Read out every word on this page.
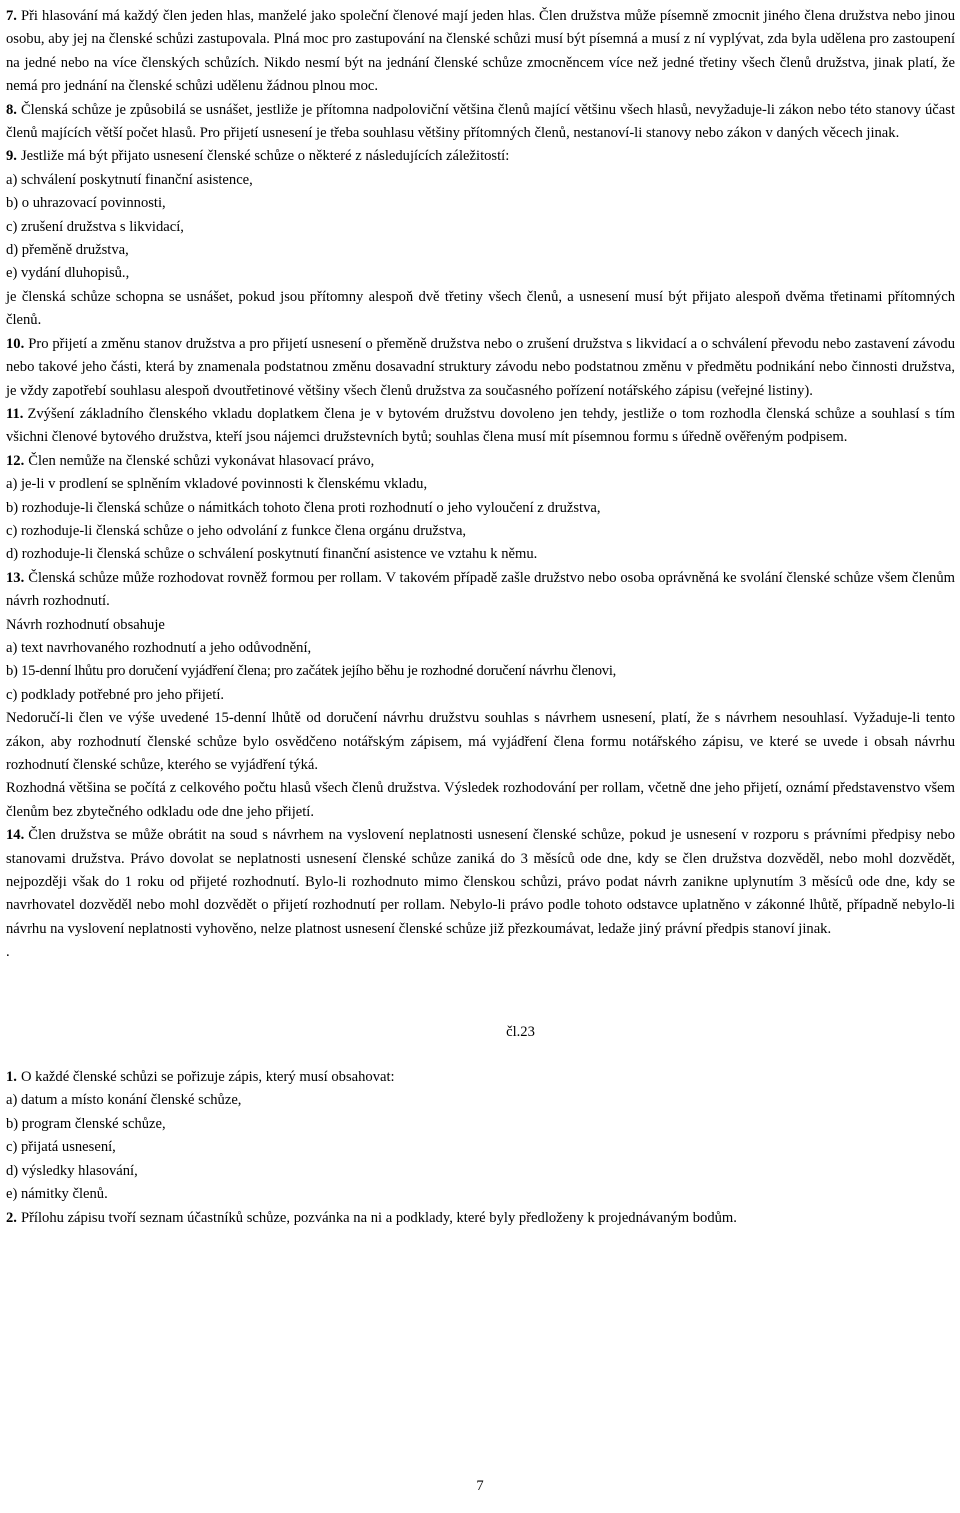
7. Při hlasování má každý člen jeden hlas, manželé jako společní členové mají jeden hlas. Člen družstva může písemně zmocnit jiného člena družstva nebo jinou osobu, aby jej na členské schůzi zastupovala. Plná moc pro zastupování na členské schůzi musí být písemná a musí z ní vyplývat, zda byla udělena pro zastoupení na jedné nebo na více členských schůzích. Nikdo nesmí být na jednání členské schůze zmocněncem více než jedné třetiny všech členů družstva, jinak platí, že nemá pro jednání na členské schůzi udělenu žádnou plnou moc.

8. Členská schůze je způsobilá se usnášet, jestliže je přítomna nadpoloviční většina členů mající většinu všech hlasů, nevyžaduje-li zákon nebo této stanovy účast členů majících větší počet hlasů. Pro přijetí usnesení je třeba souhlasu většiny přítomných členů, nestanoví-li stanovy nebo zákon v daných věcech jinak.

9. Jestliže má být přijato usnesení členské schůze o některé z následujících záležitostí:

a) schválení poskytnutí finanční asistence,

b) o uhrazovací povinnosti,

c) zrušení družstva s likvidací,

d) přeměně družstva,

e) vydání dluhopisů.,

je členská schůze schopna se usnášet, pokud jsou přítomny alespoň dvě třetiny všech členů, a usnesení musí být přijato alespoň dvěma třetinami přítomných členů.

10. Pro přijetí a změnu stanov družstva a pro přijetí usnesení o přeměně družstva nebo o zrušení družstva s likvidací a o schválení převodu nebo zastavení závodu nebo takové jeho části, která by znamenala podstatnou změnu dosavadní struktury závodu nebo podstatnou změnu v předmětu podnikání nebo činnosti družstva, je vždy zapotřebí souhlasu alespoň dvoutřetinové většiny všech členů družstva za současného pořízení notářského zápisu (veřejné listiny).

11. Zvýšení základního členského vkladu doplatkem člena je v bytovém družstvu dovoleno jen tehdy, jestliže o tom rozhodla členská schůze a souhlasí s tím všichni členové bytového družstva, kteří jsou nájemci družstevních bytů; souhlas člena musí mít písemnou formu s úředně ověřeným podpisem.

12. Člen nemůže na členské schůzi vykonávat hlasovací právo,

a) je-li v prodlení se splněním vkladové povinnosti k členskému vkladu,

b) rozhoduje-li členská schůze o námitkách tohoto člena proti rozhodnutí o jeho vyloučení z družstva,

c) rozhoduje-li členská schůze o jeho odvolání z funkce člena orgánu družstva,

d) rozhoduje-li členská schůze o schválení poskytnutí finanční asistence ve vztahu k němu.

13. Členská schůze může rozhodovat rovněž formou per rollam. V takovém případě zašle družstvo nebo osoba oprávněná ke svolání členské schůze všem členům návrh rozhodnutí.

Návrh rozhodnutí obsahuje

a) text navrhovaného rozhodnutí a jeho odůvodnění,

b) 15-denní lhůtu pro doručení vyjádření člena; pro začátek jejího běhu je rozhodné doručení návrhu členovi,

c) podklady potřebné pro jeho přijetí.

Nedoručí-li člen ve výše uvedené 15-denní lhůtě od doručení návrhu družstvu souhlas s návrhem usnesení, platí, že s návrhem nesouhlasí. Vyžaduje-li tento zákon, aby rozhodnutí členské schůze bylo osvědčeno notářským zápisem, má vyjádření člena formu notářského zápisu, ve které se uvede i obsah návrhu rozhodnutí členské schůze, kterého se vyjádření týká.

Rozhodná většina se počítá z celkového počtu hlasů všech členů družstva. Výsledek rozhodování per rollam, včetně dne jeho přijetí, oznámí představenstvo všem členům bez zbytečného odkladu ode dne jeho přijetí.

14. Člen družstva se může obrátit na soud s návrhem na vyslovení neplatnosti usnesení členské schůze, pokud je usnesení v rozporu s právními předpisy nebo stanovami družstva. Právo dovolat se neplatnosti usnesení členské schůze zaniká do 3 měsíců ode dne, kdy se člen družstva dozvěděl, nebo mohl dozvědět, nejpozději však do 1 roku od přijeté rozhodnutí. Bylo-li rozhodnuto mimo členskou schůzi, právo podat návrh zanikne uplynutím 3 měsíců ode dne, kdy se navrhovatel dozvěděl nebo mohl dozvědět o přijetí rozhodnutí per rollam. Nebylo-li právo podle tohoto odstavce uplatněno v zákonné lhůtě, případně nebylo-li návrhu na vyslovení neplatnosti vyhověno, nelze platnost usnesení členské schůze již přezkoumávat, ledaže jiný právní předpis stanoví jinak.

.

čl.23

1. O každé členské schůzi se pořizuje zápis, který musí obsahovat:

a) datum a místo konání členské schůze,

b) program členské schůze,

c) přijatá usnesení,

d) výsledky hlasování,

e) námitky členů.

2. Přílohu zápisu tvoří seznam účastníků schůze, pozvánka na ni a podklady, které byly předloženy k projednávaným bodům.

7
